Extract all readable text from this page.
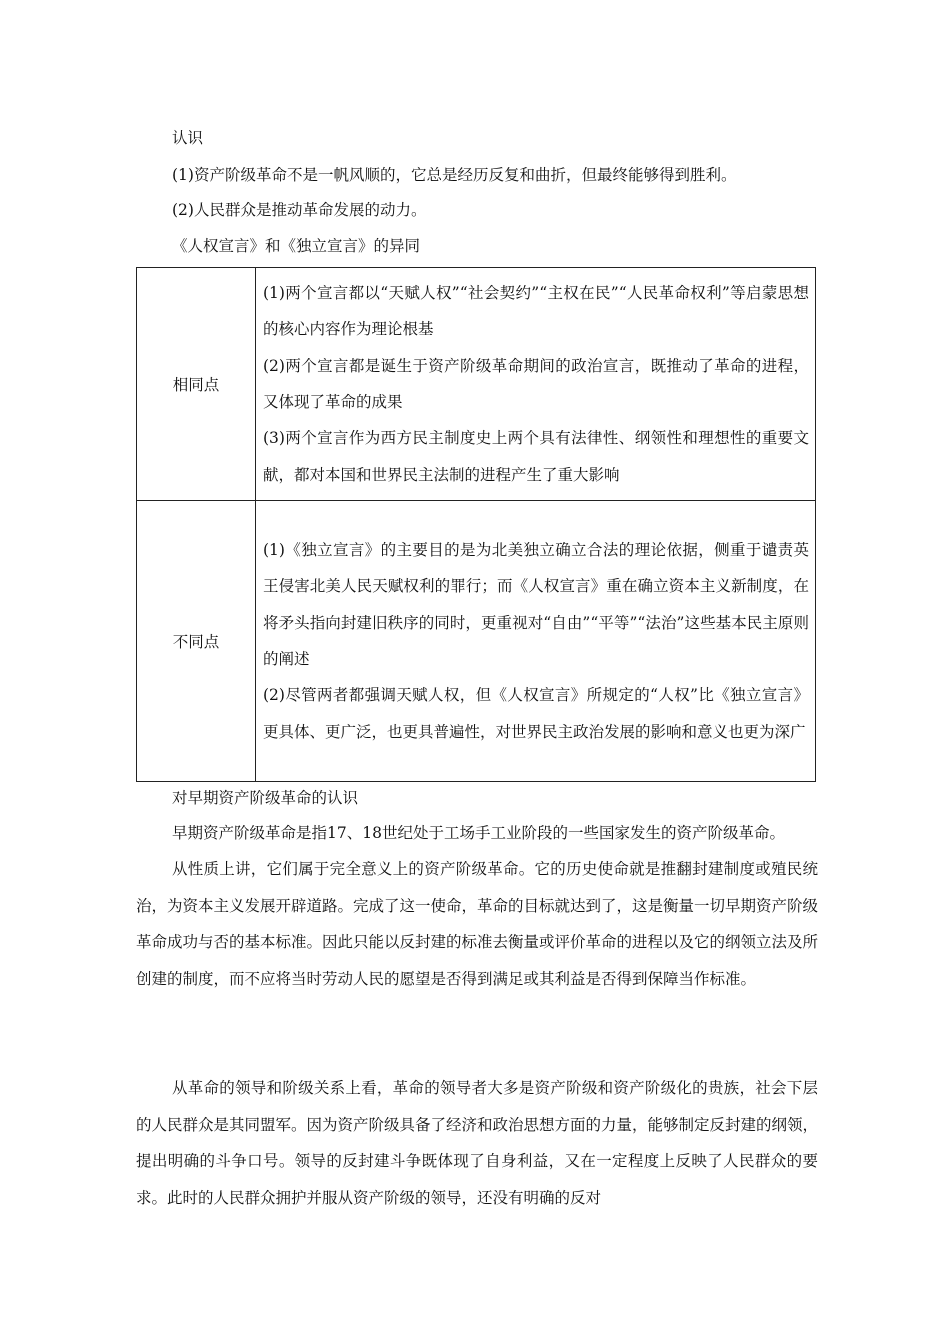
认识
(1)资产阶级革命不是一帆风顺的，它总是经历反复和曲折，但最终能够得到胜利。
(2)人民群众是推动革命发展的动力。
《人权宣言》和《独立宣言》的异同
相同点	(1)两个宣言都以“天赋人权”“社会契约”“主权在民”“人民革命权利”等启蒙思想的核心内容作为理论根基
(2)两个宣言都是诞生于资产阶级革命期间的政治宣言，既推动了革命的进程，又体现了革命的成果
(3)两个宣言作为西方民主制度史上两个具有法律性、纲领性和理想性的重要文献，都对本国和世界民主法制的进程产生了重大影响

不同点	(1)《独立宣言》的主要目的是为北美独立确立合法的理论依据，侧重于谴责英王侵害北美人民天赋权利的罪行；而《人权宣言》重在确立资本主义新制度，在将矛头指向封建旧秩序的同时，更重视对“自由”“平等”“法治”这些基本民主原则的阐述
(2)尽管两者都强调天赋人权，但《人权宣言》所规定的“人权”比《独立宣言》更具体、更广泛，也更具普遍性，对世界民主政治发展的影响和意义也更为深广
对早期资产阶级革命的认识
早期资产阶级革命是指17、18世纪处于工场手工业阶段的一些国家发生的资产阶级革命。
从性质上讲，它们属于完全意义上的资产阶级革命。它的历史使命就是推翻封建制度或殖民统治，为资本主义发展开辟道路。完成了这一使命，革命的目标就达到了，这是衡量一切早期资产阶级革命成功与否的基本标准。因此只能以反封建的标准去衡量或评价革命的进程以及它的纲领立法及所创建的制度，而不应将当时劳动人民的愿望是否得到满足或其利益是否得到保障当作标准。
从革命的领导和阶级关系上看，革命的领导者大多是资产阶级和资产阶级化的贵族，社会下层的人民群众是其同盟军。因为资产阶级具备了经济和政治思想方面的力量，能够制定反封建的纲领，提出明确的斗争口号。领导的反封建斗争既体现了自身利益，又在一定程度上反映了人民群众的要求。此时的人民群众拥护并服从资产阶级的领导，还没有明确的反对
